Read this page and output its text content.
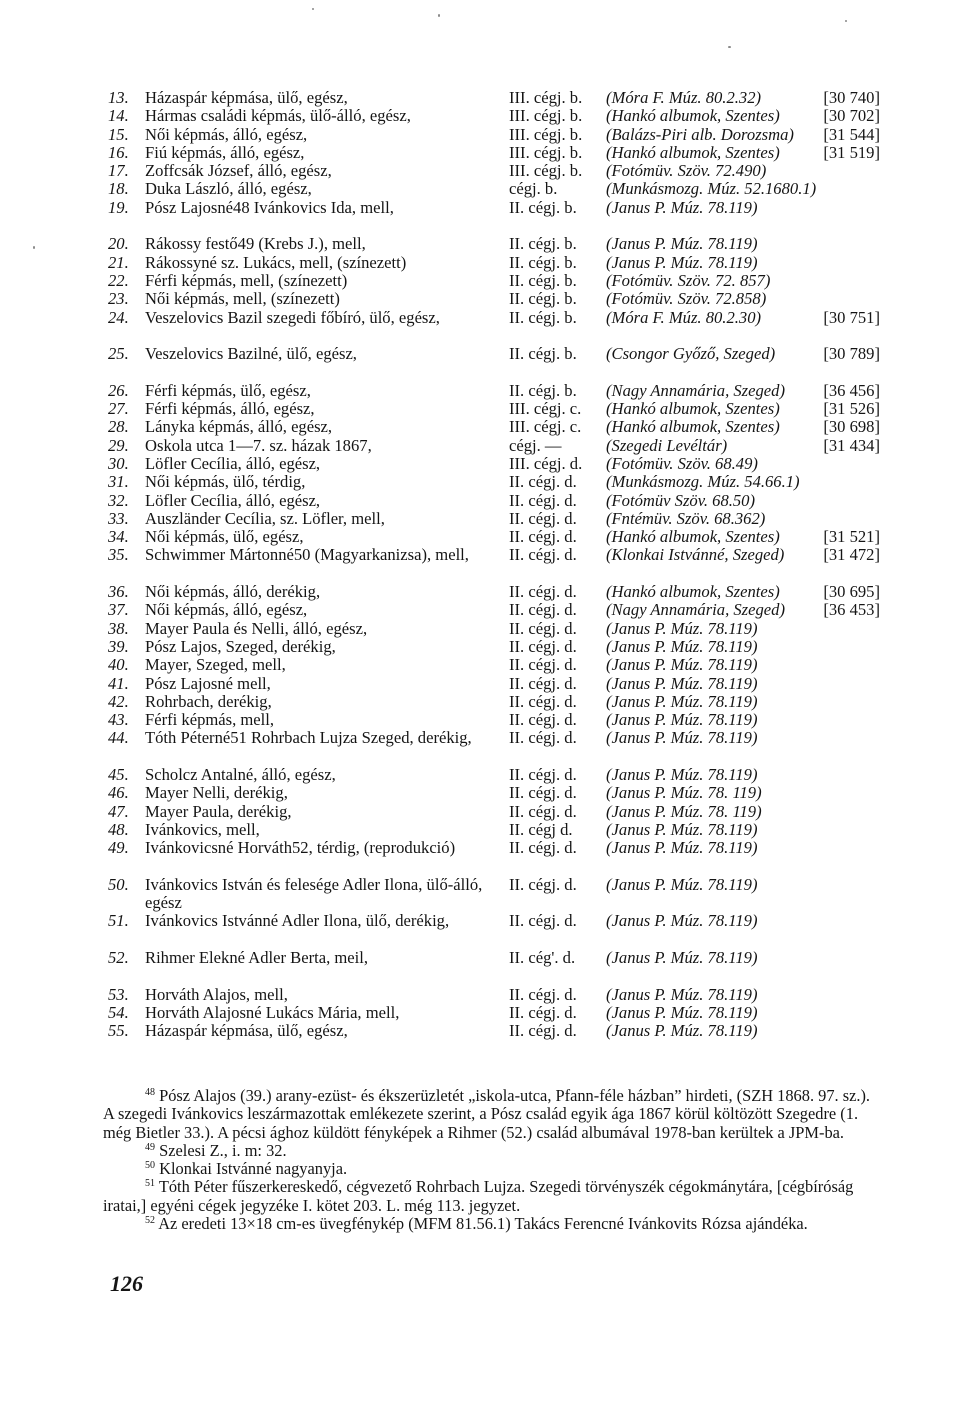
13. Házaspár képmása, ülő, egész,	III. cégj. b. (Móra F. Múz. 80.2.32)	[30 740]
14. Hármas családi képmás, ülő-álló, egész,	III. cégj. b. (Hankó albumok, Szentes)	[30 702]
15. Női képmás, álló, egész,	III. cégj. b. (Balázs-Piri alb. Dorozsma) [31 544]
16. Fiú képmás, álló, egész,	III. cégj. b. (Hankó albumok, Szentes)	[31 519]
17. Zoffcsák József, álló, egész,	III. cégj. b. (Fotómüv. Szöv. 72.490)
18. Duka László, álló, egész,	cégj. b.	(Munkásmozg. Múz. 52.1680.1)
19. Pósz Lajosné48 Ivánkovics Ida, mell,	II. cégj. b. (Janus P. Múz. 78.119)
20. Rákossy festő49 (Krebs J.), mell,	II. cégj. b. (Janus P. Múz. 78.119)
21. Rákossyné sz. Lukács, mell, (színezett)	II. cégj. b. (Janus P. Múz. 78.119)
22. Férfi képmás, mell, (színezett)	II. cégj. b. (Fotómüv. Szöv. 72. 857)
23. Női képmás, mell, (színezett)	II. cégj. b. (Fotómüv. Szöv. 72.858)
24. Veszelovics Bazil szegedi főbíró, ülő, egész,	II. cégj. b. (Móra F. Múz. 80.2.30)	[30 751]
25. Veszelovics Bazilné, ülő, egész,	II. cégj. b. (Csongor Győző, Szeged)	[30 789]
26. Férfi képmás, ülő, egész,	II. cégj. b. (Nagy Annamária, Szeged) [36 456]
27. Férfi képmás, álló, egész,	III. cégj. c. (Hankó albumok, Szentes)	[31 526]
28. Lányka képmás, álló, egész,	III. cégj. c. (Hankó albumok, Szentes)	[30 698]
29. Oskola utca 1—7. sz. házak 1867,	cégj. —	(Szegedi Levéltár)	[31 434]
30. Löfler Cecília, álló, egész,	III. cégj. d. (Fotómüv. Szöv. 68.49)
31. Női képmás, ülő, térdig,	II. cégj. d. (Munkásmozg. Múz. 54.66.1)
32. Löfler Cecília, álló, egész,	II. cégj. d. (Fotómüv Szöv. 68.50)
33. Auszländer Cecília, sz. Löfler, mell,	II. cégj. d. (Fntémüv. Szöv. 68.362)
34. Női képmás, ülő, egész,	II. cégj. d. (Hankó albumok, Szentes)	[31 521]
35. Schwimmer Mártonné50 (Magyarkanizsa), mell,	II. cégj. d. (Klonkai Istvánné, Szeged) [31 472]
36. Női képmás, álló, derékig,	II. cégj. d. (Hankó albumok, Szentes)	[30 695]
37. Női képmás, álló, egész,	II. cégj. d. (Nagy Annamária, Szeged) [36 453]
38. Mayer Paula és Nelli, álló, egész,	II. cégj. d. (Janus P. Múz. 78.119)
39. Pósz Lajos, Szeged, derékig,	II. cégj. d. (Janus P. Múz. 78.119)
40. Mayer, Szeged, mell,	II. cégj. d. (Janus P. Múz. 78.119)
41. Pósz Lajosné mell,	II. cégj. d. (Janus P. Múz. 78.119)
42. Rohrbach, derékig,	II. cégj. d. (Janus P. Múz. 78.119)
43. Férfi képmás, mell,	II. cégj. d. (Janus P. Múz. 78.119)
44. Tóth Péterné51 Rohrbach Lujza Szeged, derékig,	II. cégj. d. (Janus P. Múz. 78.119)
45. Scholcz Antalné, álló, egész,	II. cégj. d. (Janus P. Múz. 78.119)
46. Mayer Nelli, derékig,	II. cégj. d. (Janus P. Múz. 78. 119)
47. Mayer Paula, derékig,	II. cégj. d. (Janus P. Múz. 78. 119)
48. Ivánkovics, mell,	II. cégj d. (Janus P. Múz. 78.119)
49. Ivánkovicsné Horváth52, térdig, (reprodukció)	II. cégj. d. (Janus P. Múz. 78.119)
50. Ivánkovics István és felesége Adler Ilona, ülő-álló, egész
II. cégj. d. (Janus P. Múz. 78.119)
51. Ivánkovics Istvánné Adler Ilona, ülő, derékig,	II. cégj. d. (Janus P. Múz. 78.119)
52. Rihmer Elekné Adler Berta, meil,	II. cég'. d. (Janus P. Múz. 78.119)
53. Horváth Alajos, mell,	II. cégj. d. (Janus P. Múz. 78.119)
54. Horváth Alajosné Lukács Mária, mell,	II. cégj. d. (Janus P. Múz. 78.119)
55. Házaspár képmása, ülő, egész,	II. cégj. d. (Janus P. Múz. 78.119)

$^{48}$ Pósz Alajos (39.) arany-ezüst- és ékszerüzletét „iskola-utca, Pfann-féle házban” hirdeti, (SZH 1868. 97. sz.). A szegedi Ivánkovics leszármazottak emlékezete szerint, a Pósz család egyik ága 1867 körül költözött Szegedre (1. még Bietler 33.). A pécsi ághoz küldött fényképek a Rihmer (52.) család albumával 1978-ban kerültek a JPM-ba.

$^{49}$ Szelesi Z., i. m: 32.

$^{50}$ Klonkai Istvánné nagyanyja.

$^{51}$ Tóth Péter fűszerkereskedő, cégvezető Rohrbach Lujza. Szegedi törvényszék cégokmánytára, [cégbíróság iratai,] egyéni cégek jegyzéke I. kötet 203. L. még 113. jegyzet.

$^{52}$ Az eredeti 13×18 cm-es üvegfénykép (MFM 81.56.1) Takács Ferencné Ivánkovits Rózsa ajándéka.

126
